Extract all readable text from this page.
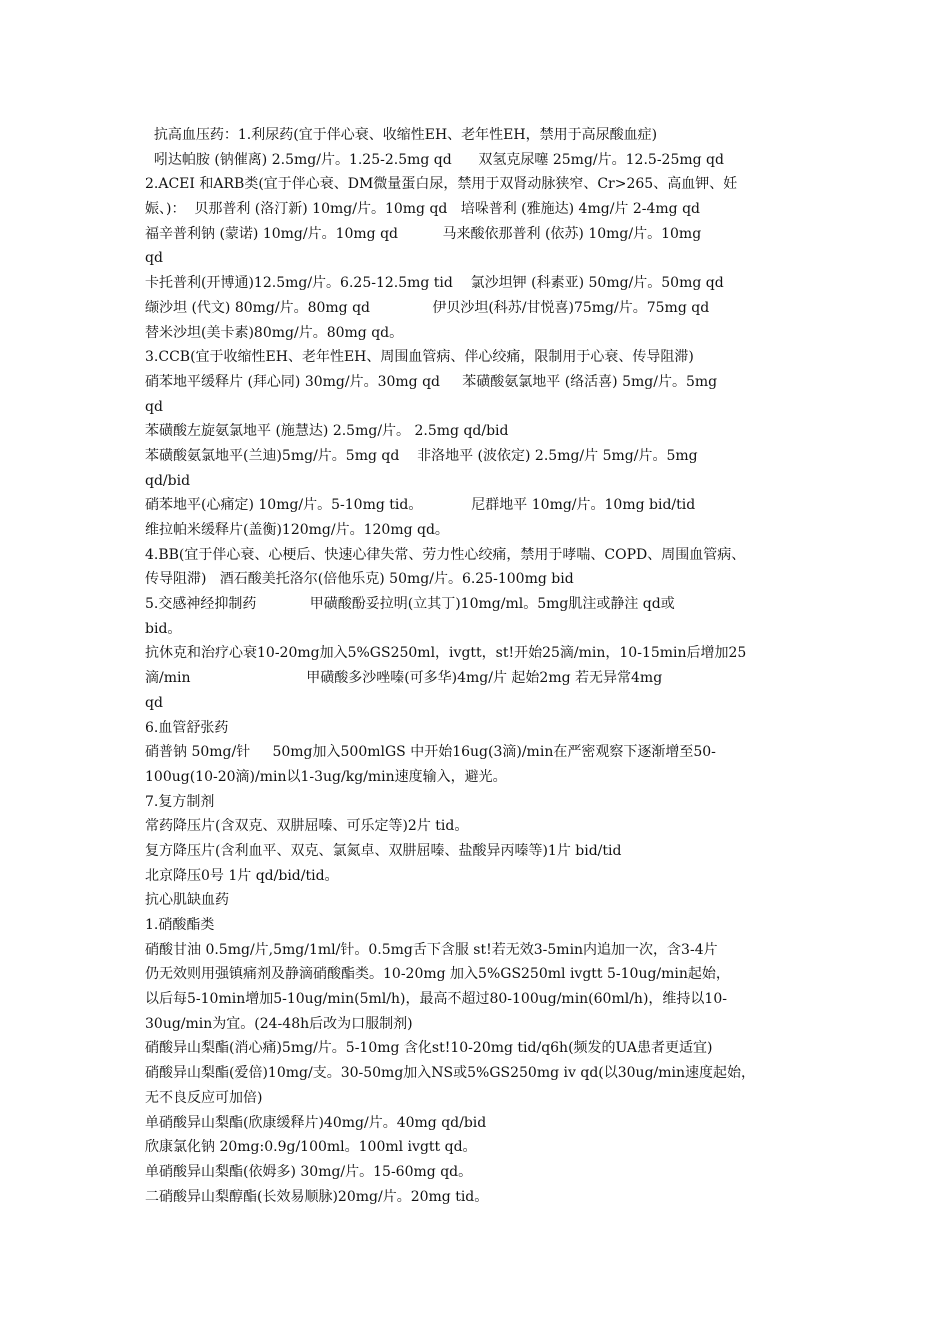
抗高血压药：1.利尿药(宜于伴心衰、收缩性EH、老年性EH，禁用于高尿酸血症)
吲达帕胺 (钠催离) 2.5mg/片。1.25-2.5mg qd      双氢克尿噻 25mg/片。12.5-25mg qd
2.ACEI 和ARB类(宜于伴心衰、DM微量蛋白尿，禁用于双肾动脉狭窄、Cr>265、高血钾、妊
娠、)：  贝那普利 (洛汀新) 10mg/片。10mg qd   培哚普利 (雅施达) 4mg/片 2-4mg qd
福辛普利钠 (蒙诺) 10mg/片。10mg qd          马来酸依那普利 (依苏) 10mg/片。10mg
qd
卡托普利(开博通)12.5mg/片。6.25-12.5mg tid    氯沙坦钾 (科素亚) 50mg/片。50mg qd
缬沙坦 (代文) 80mg/片。80mg qd              伊贝沙坦(科苏/甘悦喜)75mg/片。75mg qd
替米沙坦(美卡素)80mg/片。80mg qd。
3.CCB(宜于收缩性EH、老年性EH、周围血管病、伴心绞痛，限制用于心衰、传导阻滞)
硝苯地平缓释片 (拜心同) 30mg/片。30mg qd     苯磺酸氨氯地平 (络活喜) 5mg/片。5mg
qd
苯磺酸左旋氨氯地平 (施慧达) 2.5mg/片。 2.5mg qd/bid
苯磺酸氨氯地平(兰迪)5mg/片。5mg qd    非洛地平 (波依定) 2.5mg/片 5mg/片。5mg
qd/bid
硝苯地平(心痛定) 10mg/片。5-10mg tid。           尼群地平 10mg/片。10mg bid/tid
维拉帕米缓释片(盖衡)120mg/片。120mg qd。
4.BB(宜于伴心衰、心梗后、快速心律失常、劳力性心绞痛，禁用于哮喘、COPD、周围血管病、
传导阻滞)   酒石酸美托洛尔(倍他乐克) 50mg/片。6.25-100mg bid
5.交感神经抑制药            甲磺酸酚妥拉明(立其丁)10mg/ml。5mg肌注或静注 qd或
bid。
抗休克和治疗心衰10-20mg加入5%GS250ml，ivgtt，st!开始25滴/min，10-15min后增加25
滴/min                          甲磺酸多沙唑嗪(可多华)4mg/片 起始2mg 若无异常4mg
qd
6.血管舒张药
硝普钠 50mg/针     50mg加入500mlGS 中开始16ug(3滴)/min在严密观察下逐渐增至50-
100ug(10-20滴)/min以1-3ug/kg/min速度输入，避光。
7.复方制剂
常药降压片(含双克、双肼屈嗪、可乐定等)2片 tid。
复方降压片(含利血平、双克、氯氮卓、双肼屈嗪、盐酸异丙嗪等)1片 bid/tid
北京降压0号 1片 qd/bid/tid。
抗心肌缺血药
1.硝酸酯类
硝酸甘油 0.5mg/片,5mg/1ml/针。0.5mg舌下含服 st!若无效3-5min内追加一次，含3-4片
仍无效则用强镇痛剂及静滴硝酸酯类。10-20mg 加入5%GS250ml ivgtt 5-10ug/min起始，
以后每5-10min增加5-10ug/min(5ml/h)，最高不超过80-100ug/min(60ml/h)，维持以10-
30ug/min为宜。(24-48h后改为口服制剂)
硝酸异山梨酯(消心痛)5mg/片。5-10mg 含化st!10-20mg tid/q6h(频发的UA患者更适宜)
硝酸异山梨酯(爱倍)10mg/支。30-50mg加入NS或5%GS250mg iv qd(以30ug/min速度起始，
无不良反应可加倍)
单硝酸异山梨酯(欣康缓释片)40mg/片。40mg qd/bid
欣康氯化钠 20mg:0.9g/100ml。100ml ivgtt qd。
单硝酸异山梨酯(依姆多) 30mg/片。15-60mg qd。
二硝酸异山梨醇酯(长效易顺脉)20mg/片。20mg tid。
